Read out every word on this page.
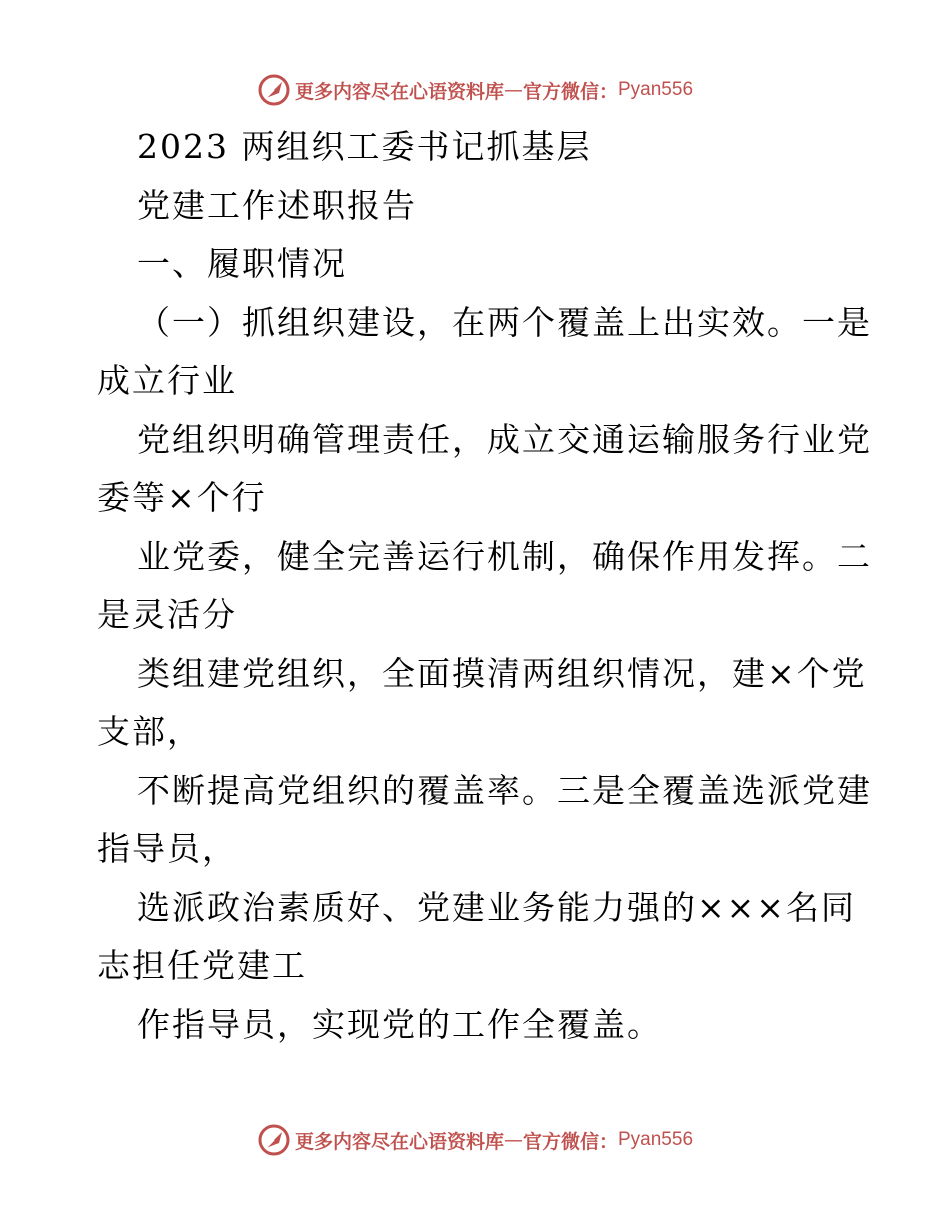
更多内容尽在心语资料库 — 官方微信： Pyan556
2023 两组织工委书记抓基层
党建工作述职报告
一、履职情况
（一）抓组织建设，在两个覆盖上出实效。一是
成立行业
党组织明确管理责任，成立交通运输服务行业党
委等×个行
业党委，健全完善运行机制，确保作用发挥。二
是灵活分
类组建党组织，全面摸清两组织情况，建×个党
支部，
不断提高党组织的覆盖率。三是全覆盖选派党建
指导员，
选派政治素质好、党建业务能力强的×××名同
志担任党建工
作指导员，实现党的工作全覆盖。
更多内容尽在心语资料库 — 官方微信： Pyan556
